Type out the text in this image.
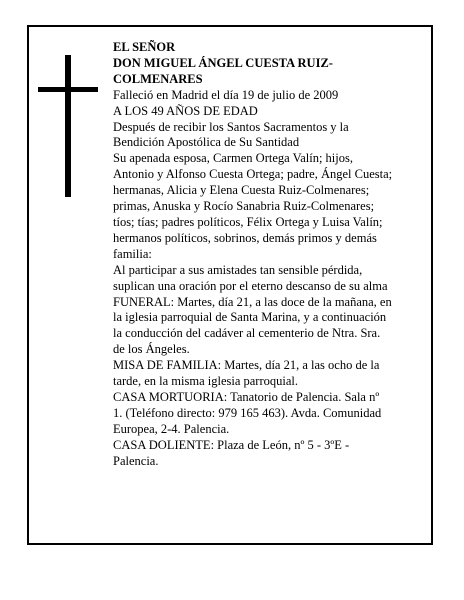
EL SEÑOR
DON MIGUEL ÁNGEL CUESTA RUIZ-
COLMENARES
Falleció en Madrid el día 19 de julio de 2009
A LOS 49 AÑOS DE EDAD
Después de recibir los Santos Sacramentos y la
Bendición Apostólica de Su Santidad
Su apenada esposa, Carmen Ortega Valín; hijos,
Antonio y Alfonso Cuesta Ortega; padre, Ángel Cuesta;
hermanas, Alicia y Elena Cuesta Ruiz-Colmenares;
primas, Anuska y Rocío Sanabria Ruiz-Colmenares;
tíos; tías; padres políticos, Félix Ortega y Luisa Valín;
hermanos políticos, sobrinos, demás primos y demás
familia:
Al participar a sus amistades tan sensible pérdida,
suplican una oración por el eterno descanso de su alma
FUNERAL: Martes, día 21, a las doce de la mañana, en
la iglesia parroquial de Santa Marina, y a continuación
la conducción del cadáver al cementerio de Ntra. Sra.
de los Ángeles.
MISA DE FAMILIA: Martes, día 21, a las ocho de la
tarde, en la misma iglesia parroquial.
CASA MORTUORIA: Tanatorio de Palencia. Sala nº
1. (Teléfono directo: 979 165 463). Avda. Comunidad
Europea, 2-4. Palencia.
CASA DOLIENTE: Plaza de León, nº 5 - 3ºE -
Palencia.
